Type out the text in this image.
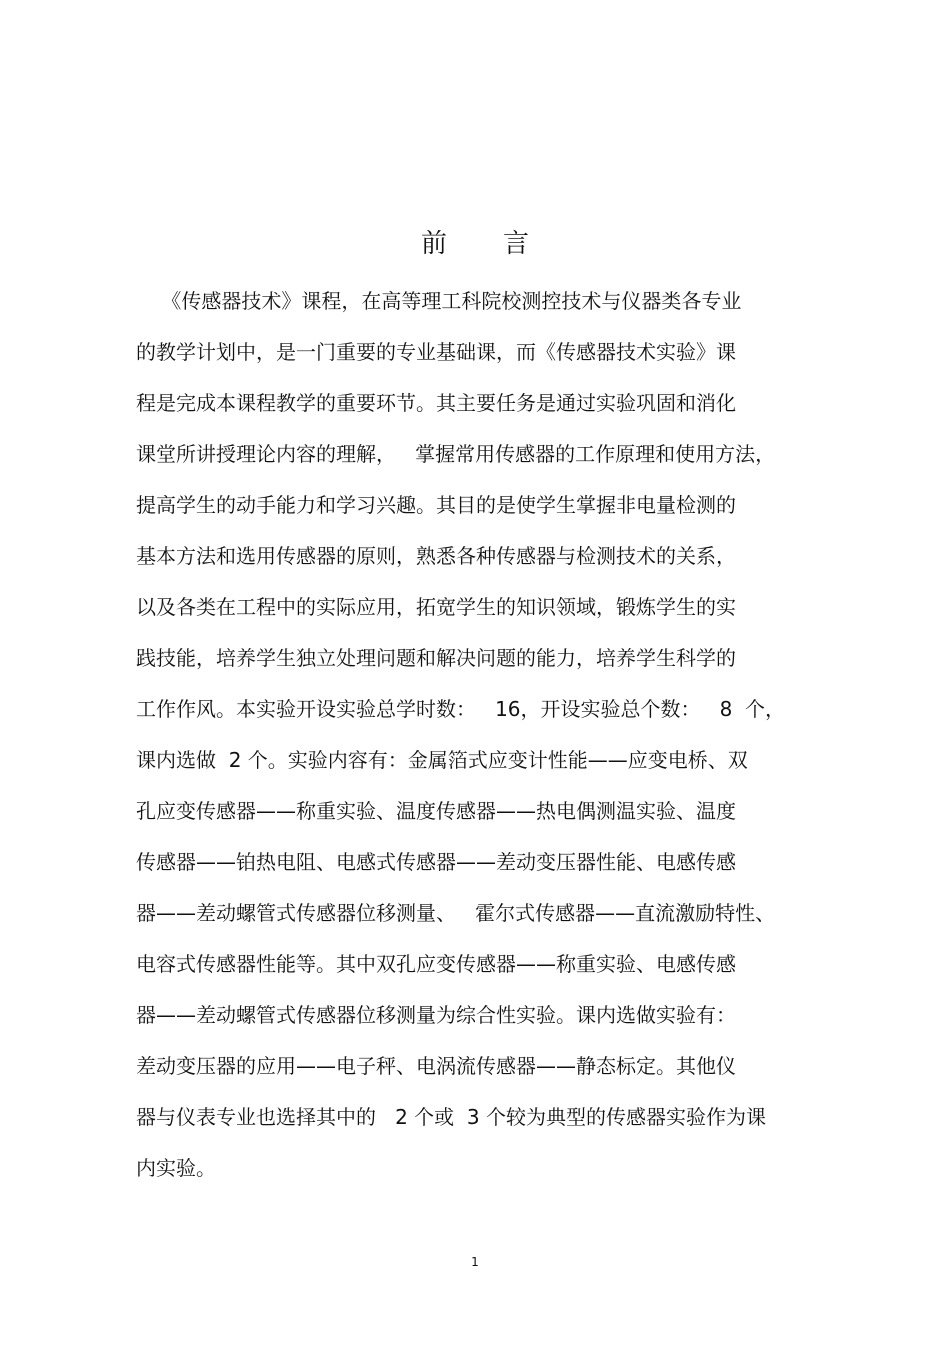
前言
《传感器技术》课程，在高等理工科院校测控技术与仪器类各专业
的教学计划中，是一门重要的专业基础课，而《传感器技术实验》课
程是完成本课程教学的重要环节。其主要任务是通过实验巩固和消化
课堂所讲授理论内容的理解，   掌握常用传感器的工作原理和使用方法，
提高学生的动手能力和学习兴趣。其目的是使学生掌握非电量检测的
基本方法和选用传感器的原则，熟悉各种传感器与检测技术的关系，
以及各类在工程中的实际应用，拓宽学生的知识领域，锻炼学生的实
践技能，培养学生独立处理问题和解决问题的能力，培养学生科学的
工作作风。本实验开设实验总学时数：   16，开设实验总个数：   8  个，
课内选做  2 个。实验内容有：金属箔式应变计性能——应变电桥、双
孔应变传感器——称重实验、温度传感器——热电偶测温实验、温度
传感器——铂热电阻、电感式传感器——差动变压器性能、电感传感
器——差动螺管式传感器位移测量、   霍尔式传感器——直流激励特性、
电容式传感器性能等。其中双孔应变传感器——称重实验、电感传感
器——差动螺管式传感器位移测量为综合性实验。课内选做实验有：
差动变压器的应用——电子秤、电涡流传感器——静态标定。其他仪
器与仪表专业也选择其中的   2 个或  3 个较为典型的传感器实验作为课
内实验。
1
